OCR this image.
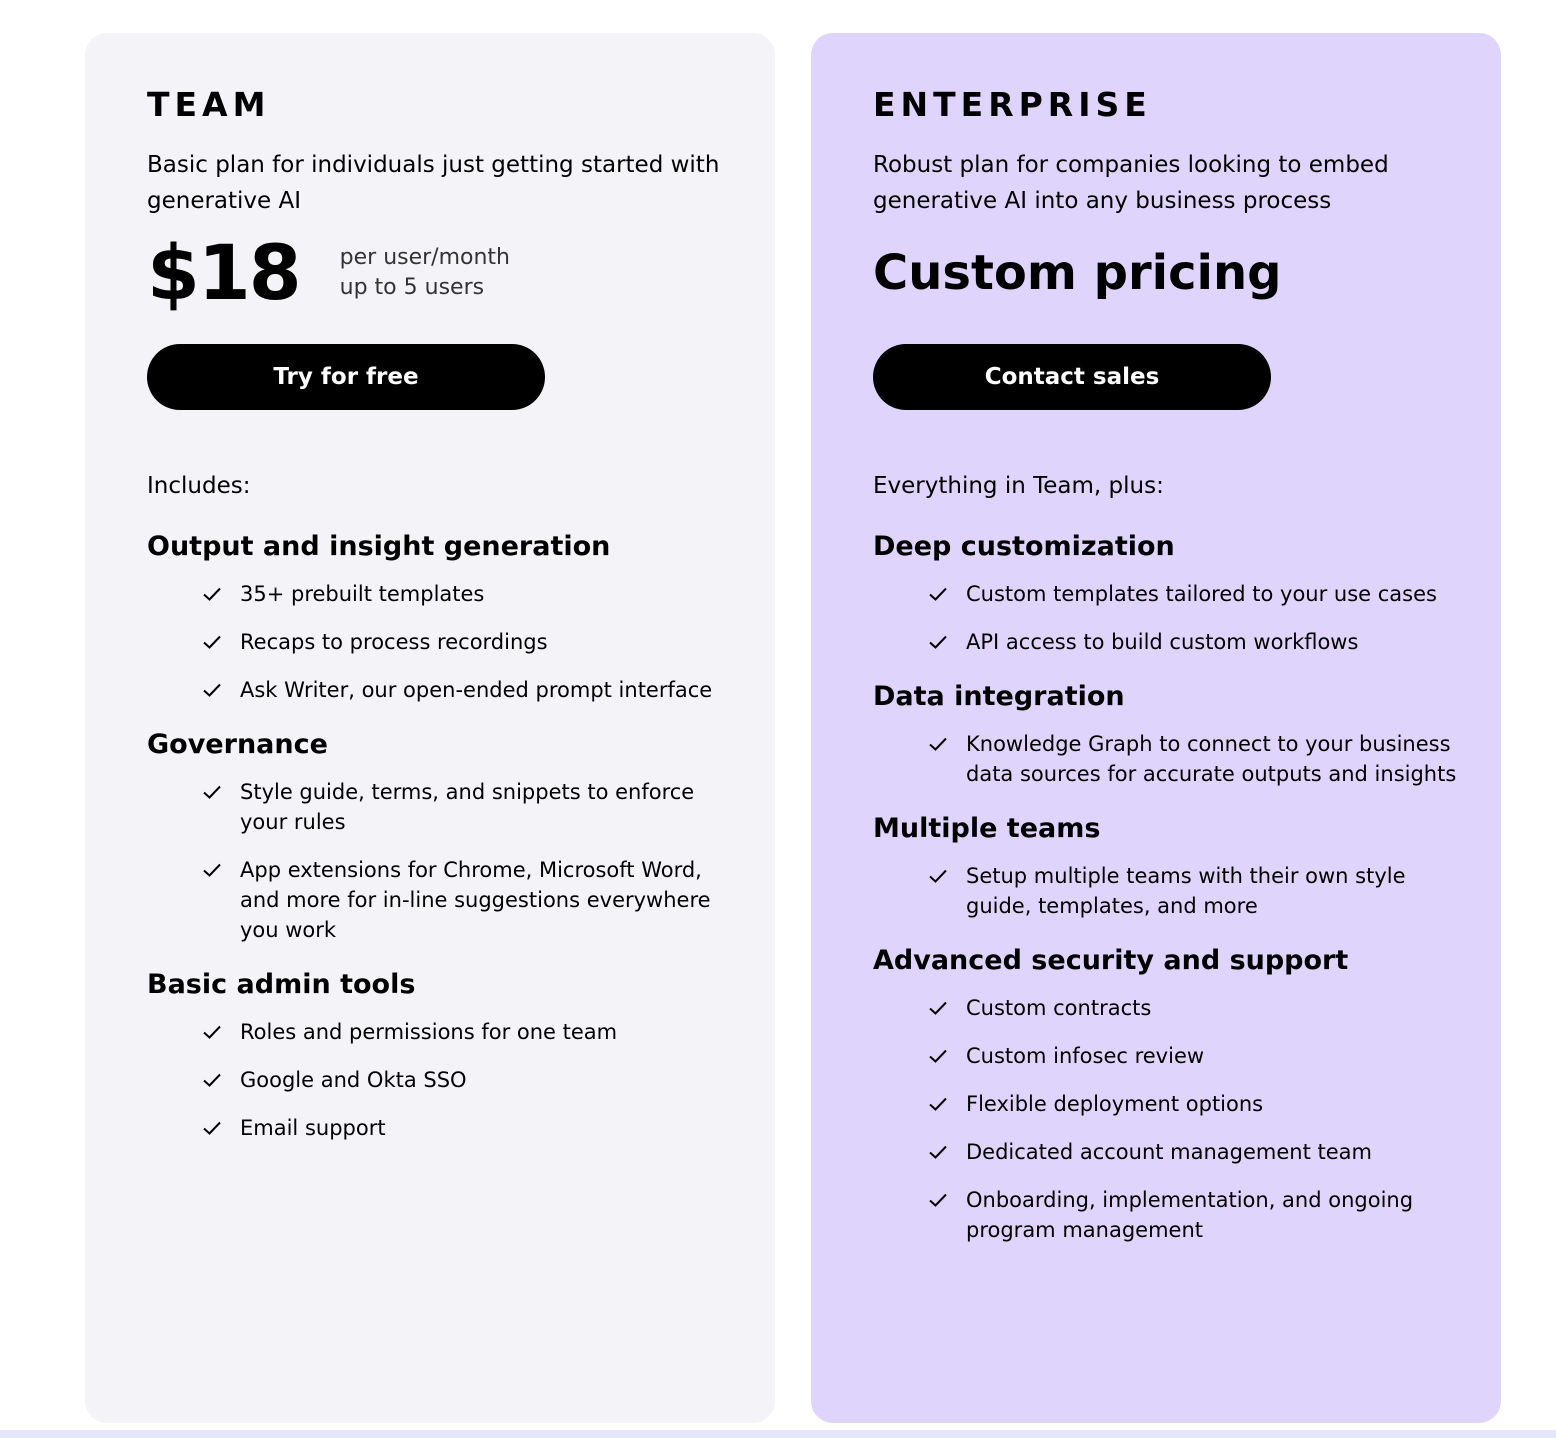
TEAM

Basic plan for individuals just getting started with generative AI

$18 per user/month
up to 5 users
Try for free

Includes:

Output and insight generation
35+ prebuilt templates
Recaps to process recordings
Ask Writer, our open-ended prompt interface
Governance
Style guide, terms, and snippets to enforce your rules
App extensions for Chrome, Microsoft Word, and more for in-line suggestions everywhere you work
Basic admin tools
Roles and permissions for one team
Google and Okta SSO
Email support
ENTERPRISE

Robust plan for companies looking to embed generative AI into any business process

Custom pricing
Contact sales

Everything in Team, plus:

Deep customization
Custom templates tailored to your use cases
API access to build custom workflows
Data integration
Knowledge Graph to connect to your business data sources for accurate outputs and insights
Multiple teams
Setup multiple teams with their own style guide, templates, and more
Advanced security and support
Custom contracts
Custom infosec review
Flexible deployment options
Dedicated account management team
Onboarding, implementation, and ongoing program management
